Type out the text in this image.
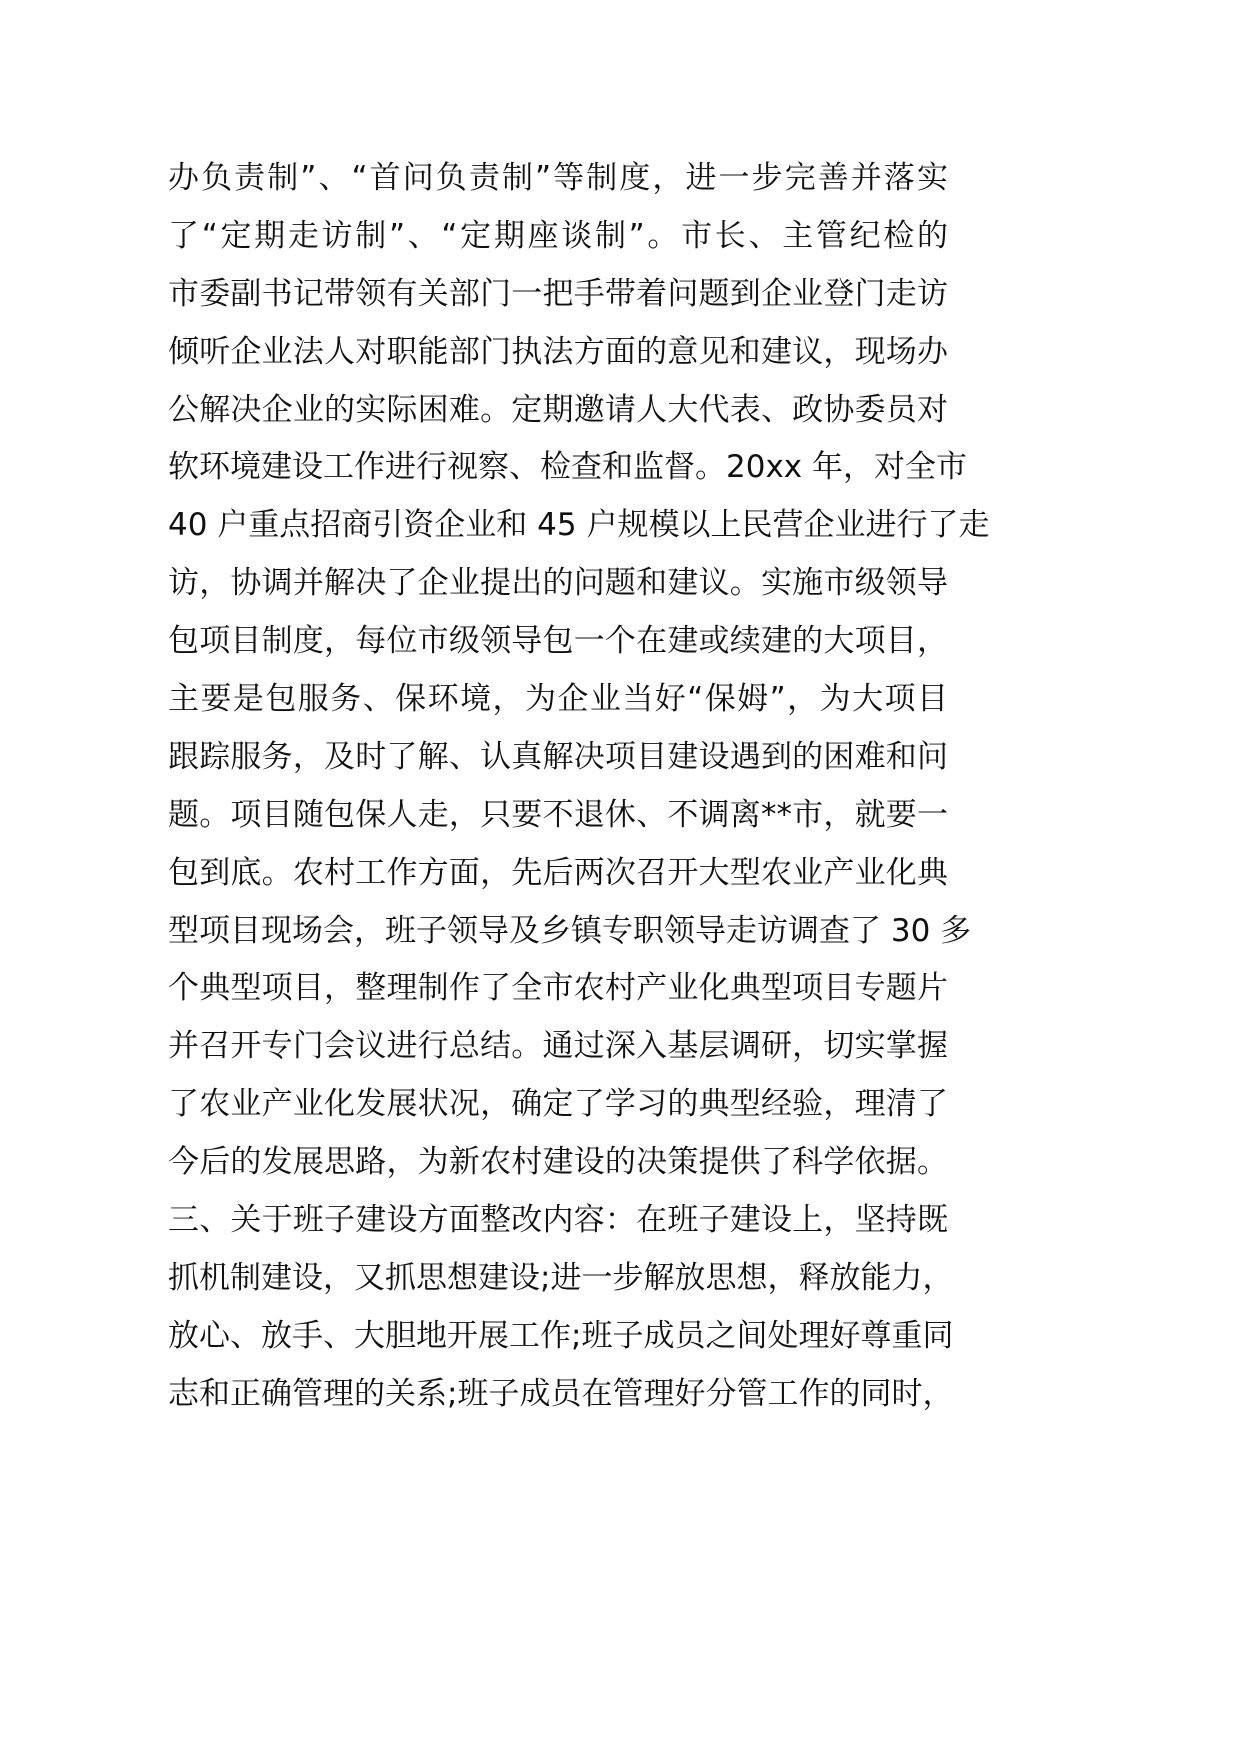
办负责制”、“首问负责制”等制度，进一步完善并落实
了“定期走访制”、“定期座谈制”。市长、主管纪检的
市委副书记带领有关部门一把手带着问题到企业登门走访
倾听企业法人对职能部门执法方面的意见和建议，现场办
公解决企业的实际困难。定期邀请人大代表、政协委员对
软环境建设工作进行视察、检查和监督。20xx 年，对全市
40 户重点招商引资企业和 45 户规模以上民营企业进行了走
访，协调并解决了企业提出的问题和建议。实施市级领导
包项目制度，每位市级领导包一个在建或续建的大项目，
主要是包服务、保环境，为企业当好“保姆”，为大项目
跟踪服务，及时了解、认真解决项目建设遇到的困难和问
题。项目随包保人走，只要不退休、不调离**市，就要一
包到底。农村工作方面，先后两次召开大型农业产业化典
型项目现场会，班子领导及乡镇专职领导走访调查了 30 多
个典型项目，整理制作了全市农村产业化典型项目专题片
并召开专门会议进行总结。通过深入基层调研，切实掌握
了农业产业化发展状况，确定了学习的典型经验，理清了
今后的发展思路，为新农村建设的决策提供了科学依据。
三、关于班子建设方面整改内容：在班子建设上，坚持既
抓机制建设，又抓思想建设;进一步解放思想，释放能力，
放心、放手、大胆地开展工作;班子成员之间处理好尊重同
志和正确管理的关系;班子成员在管理好分管工作的同时，
